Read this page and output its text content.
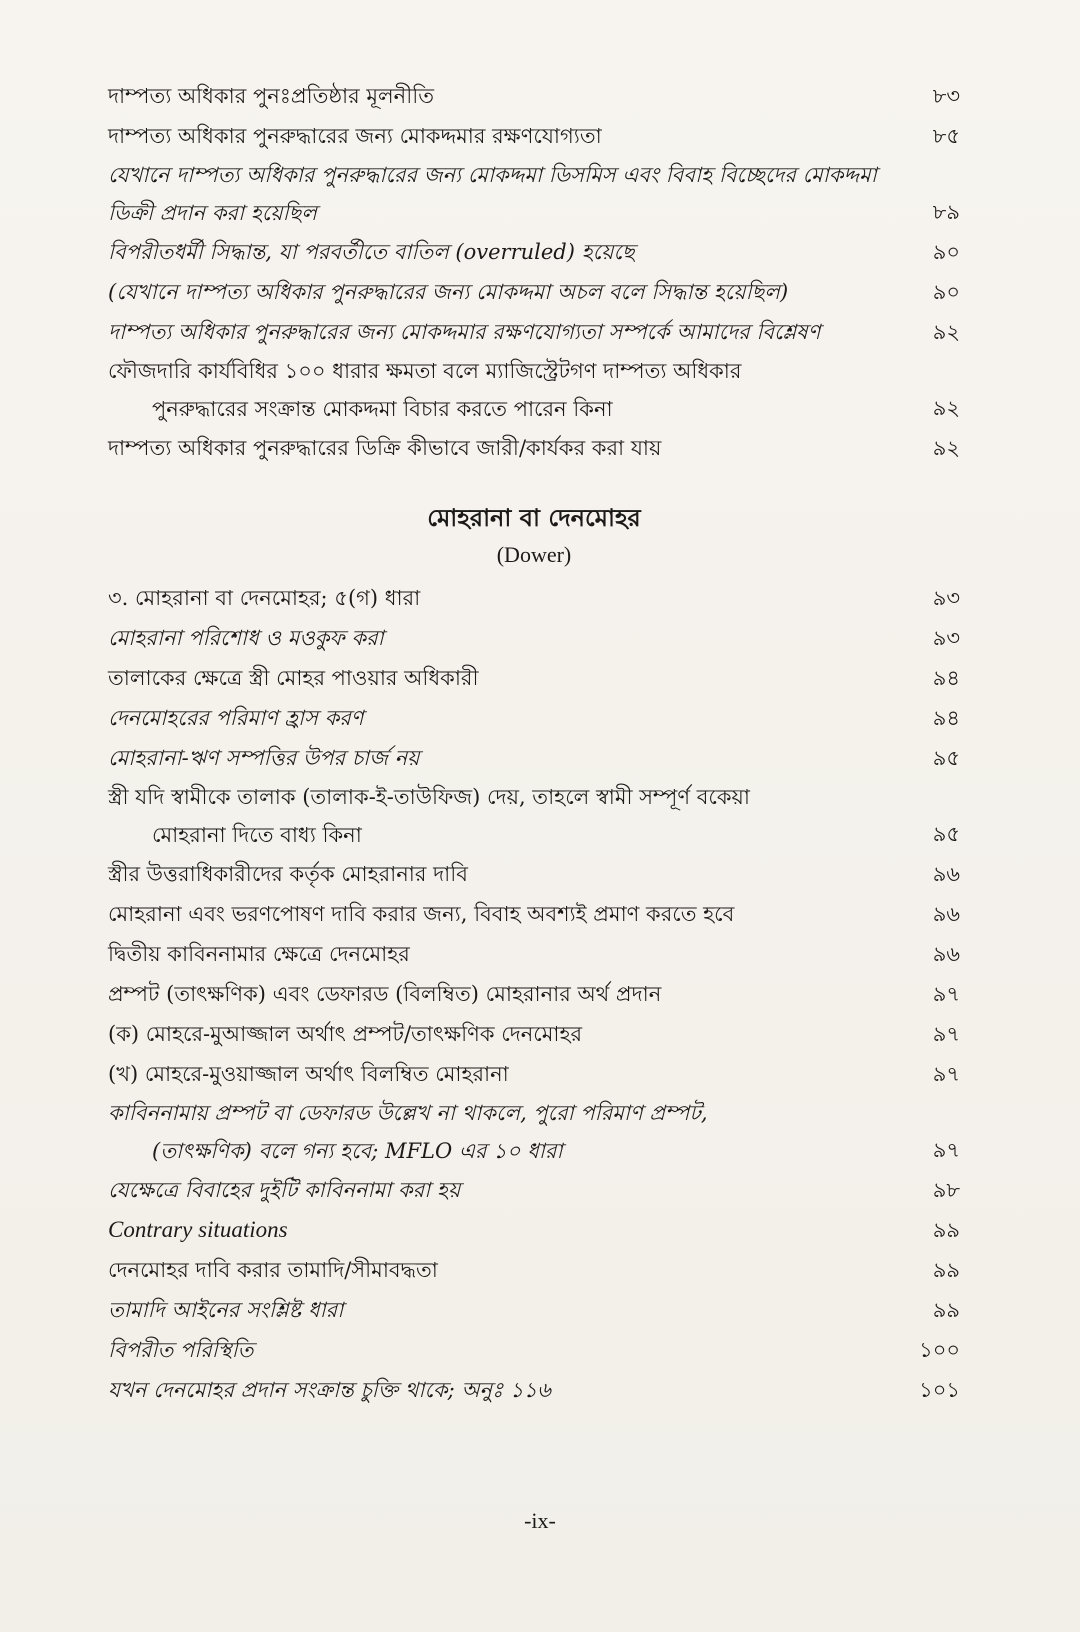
দাম্পত্য অধিকার পুনঃপ্রতিষ্ঠার মূলনীতি	৮৩
দাম্পত্য অধিকার পুনরুদ্ধারের জন্য মোকদ্দমার রক্ষণযোগ্যতা	৮৫
যেখানে দাম্পত্য অধিকার পুনরুদ্ধারের জন্য মোকদ্দমা ডিসমিস এবং বিবাহ বিচ্ছেদের মোকদ্দমা ডিক্রী প্রদান করা হয়েছিল	৮৯
বিপরীতধর্মী সিদ্ধান্ত, যা পরবর্তীতে বাতিল (overruled) হয়েছে	৯০
(যেখানে দাম্পত্য অধিকার পুনরুদ্ধারের জন্য মোকদ্দমা অচল বলে সিদ্ধান্ত হয়েছিল)	৯০
দাম্পত্য অধিকার পুনরুদ্ধারের জন্য মোকদ্দমার রক্ষণযোগ্যতা সম্পর্কে আমাদের বিশ্লেষণ	৯২
ফৌজদারি কার্যবিধির ১০০ ধারার ক্ষমতা বলে ম্যাজিস্ট্রেটগণ দাম্পত্য অধিকার
পুনরুদ্ধারের সংক্রান্ত মোকদ্দমা বিচার করতে পারেন কিনা	৯২
দাম্পত্য অধিকার পুনরুদ্ধারের ডিক্রি কীভাবে জারী/কার্যকর করা যায়	৯২
মোহরানা বা দেনমোহর
(Dower)
৩. মোহরানা বা দেনমোহর; ৫(গ) ধারা	৯৩
মোহরানা পরিশোধ ও মওকুফ করা	৯৩
তালাকের ক্ষেত্রে স্ত্রী মোহর পাওয়ার অধিকারী	৯৪
দেনমোহরের পরিমাণ হ্রাস করণ	৯৪
মোহরানা-ঋণ সম্পত্তির উপর চার্জ নয়	৯৫
স্ত্রী যদি স্বামীকে তালাক (তালাক-ই-তাউফিজ) দেয়, তাহলে স্বামী সম্পূর্ণ বকেয়া
মোহরানা দিতে বাধ্য কিনা	৯৫
স্ত্রীর উত্তরাধিকারীদের কর্তৃক মোহরানার দাবি	৯৬
মোহরানা এবং ভরণপোষণ দাবি করার জন্য, বিবাহ অবশ্যই প্রমাণ করতে হবে	৯৬
দ্বিতীয় কাবিননামার ক্ষেত্রে দেনমোহর	৯৬
প্রম্পট (তাৎক্ষণিক) এবং ডেফারড (বিলম্বিত) মোহরানার অর্থ প্রদান	৯৭
(ক) মোহরে-মুআজ্জাল অর্থাৎ প্রম্পট/তাৎক্ষণিক দেনমোহর	৯৭
(খ) মোহরে-মুওয়াজ্জাল অর্থাৎ বিলম্বিত মোহরানা	৯৭
কাবিননামায় প্রম্পট বা ডেফারড উল্লেখ না থাকলে, পুরো পরিমাণ প্রম্পট,
(তাৎক্ষণিক) বলে গন্য হবে; MFLO এর ১০ ধারা	৯৭
যেক্ষেত্রে বিবাহের দুইটি কাবিননামা করা হয়	৯৮
Contrary situations	৯৯
দেনমোহর দাবি করার তামাদি/সীমাবদ্ধতা	৯৯
তামাদি আইনের সংশ্লিষ্ট ধারা	৯৯
বিপরীত পরিস্থিতি	১০০
যখন দেনমোহর প্রদান সংক্রান্ত চুক্তি থাকে; অনুঃ ১১৬	১০১
-ix-
